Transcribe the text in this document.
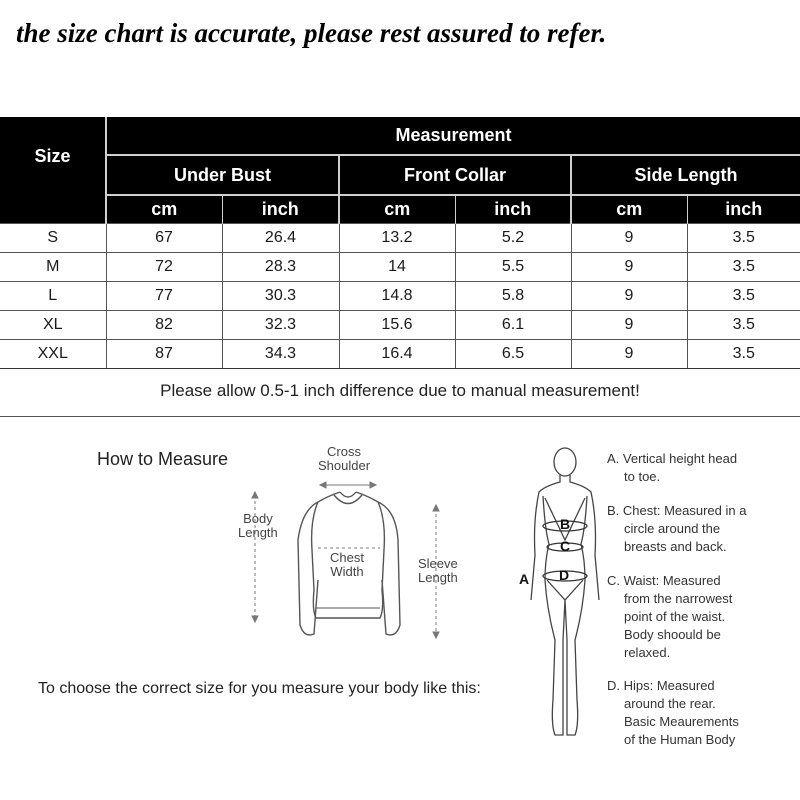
the size chart is accurate, please rest assured to refer.
Size	Measurement					
	Under Bust		Front Collar		Side Length	
	cm	inch	cm	inch	cm	inch
S	67	26.4	13.2	5.2	9	3.5
M	72	28.3	14	5.5	9	3.5
L	77	30.3	14.8	5.8	9	3.5
XL	82	32.3	15.6	6.1	9	3.5
XXL	87	34.3	16.4	6.5	9	3.5
Please allow 0.5-1 inch difference due to manual measurement!
How to Measure	Cross
Shoulder
Body
Length
Chest
Width
Sleeve
Length
To choose the correct size for you measure your body like this:
B
C
D
A
A. Vertical height head
to toe.
B. Chest: Measured in a
circle around the
breasts and back.
C. Waist: Measured
from the narrowest
point of the waist.
Body shoould be
relaxed.
D. Hips: Measured
around the rear.
Basic Meaurements
of the Human Body
